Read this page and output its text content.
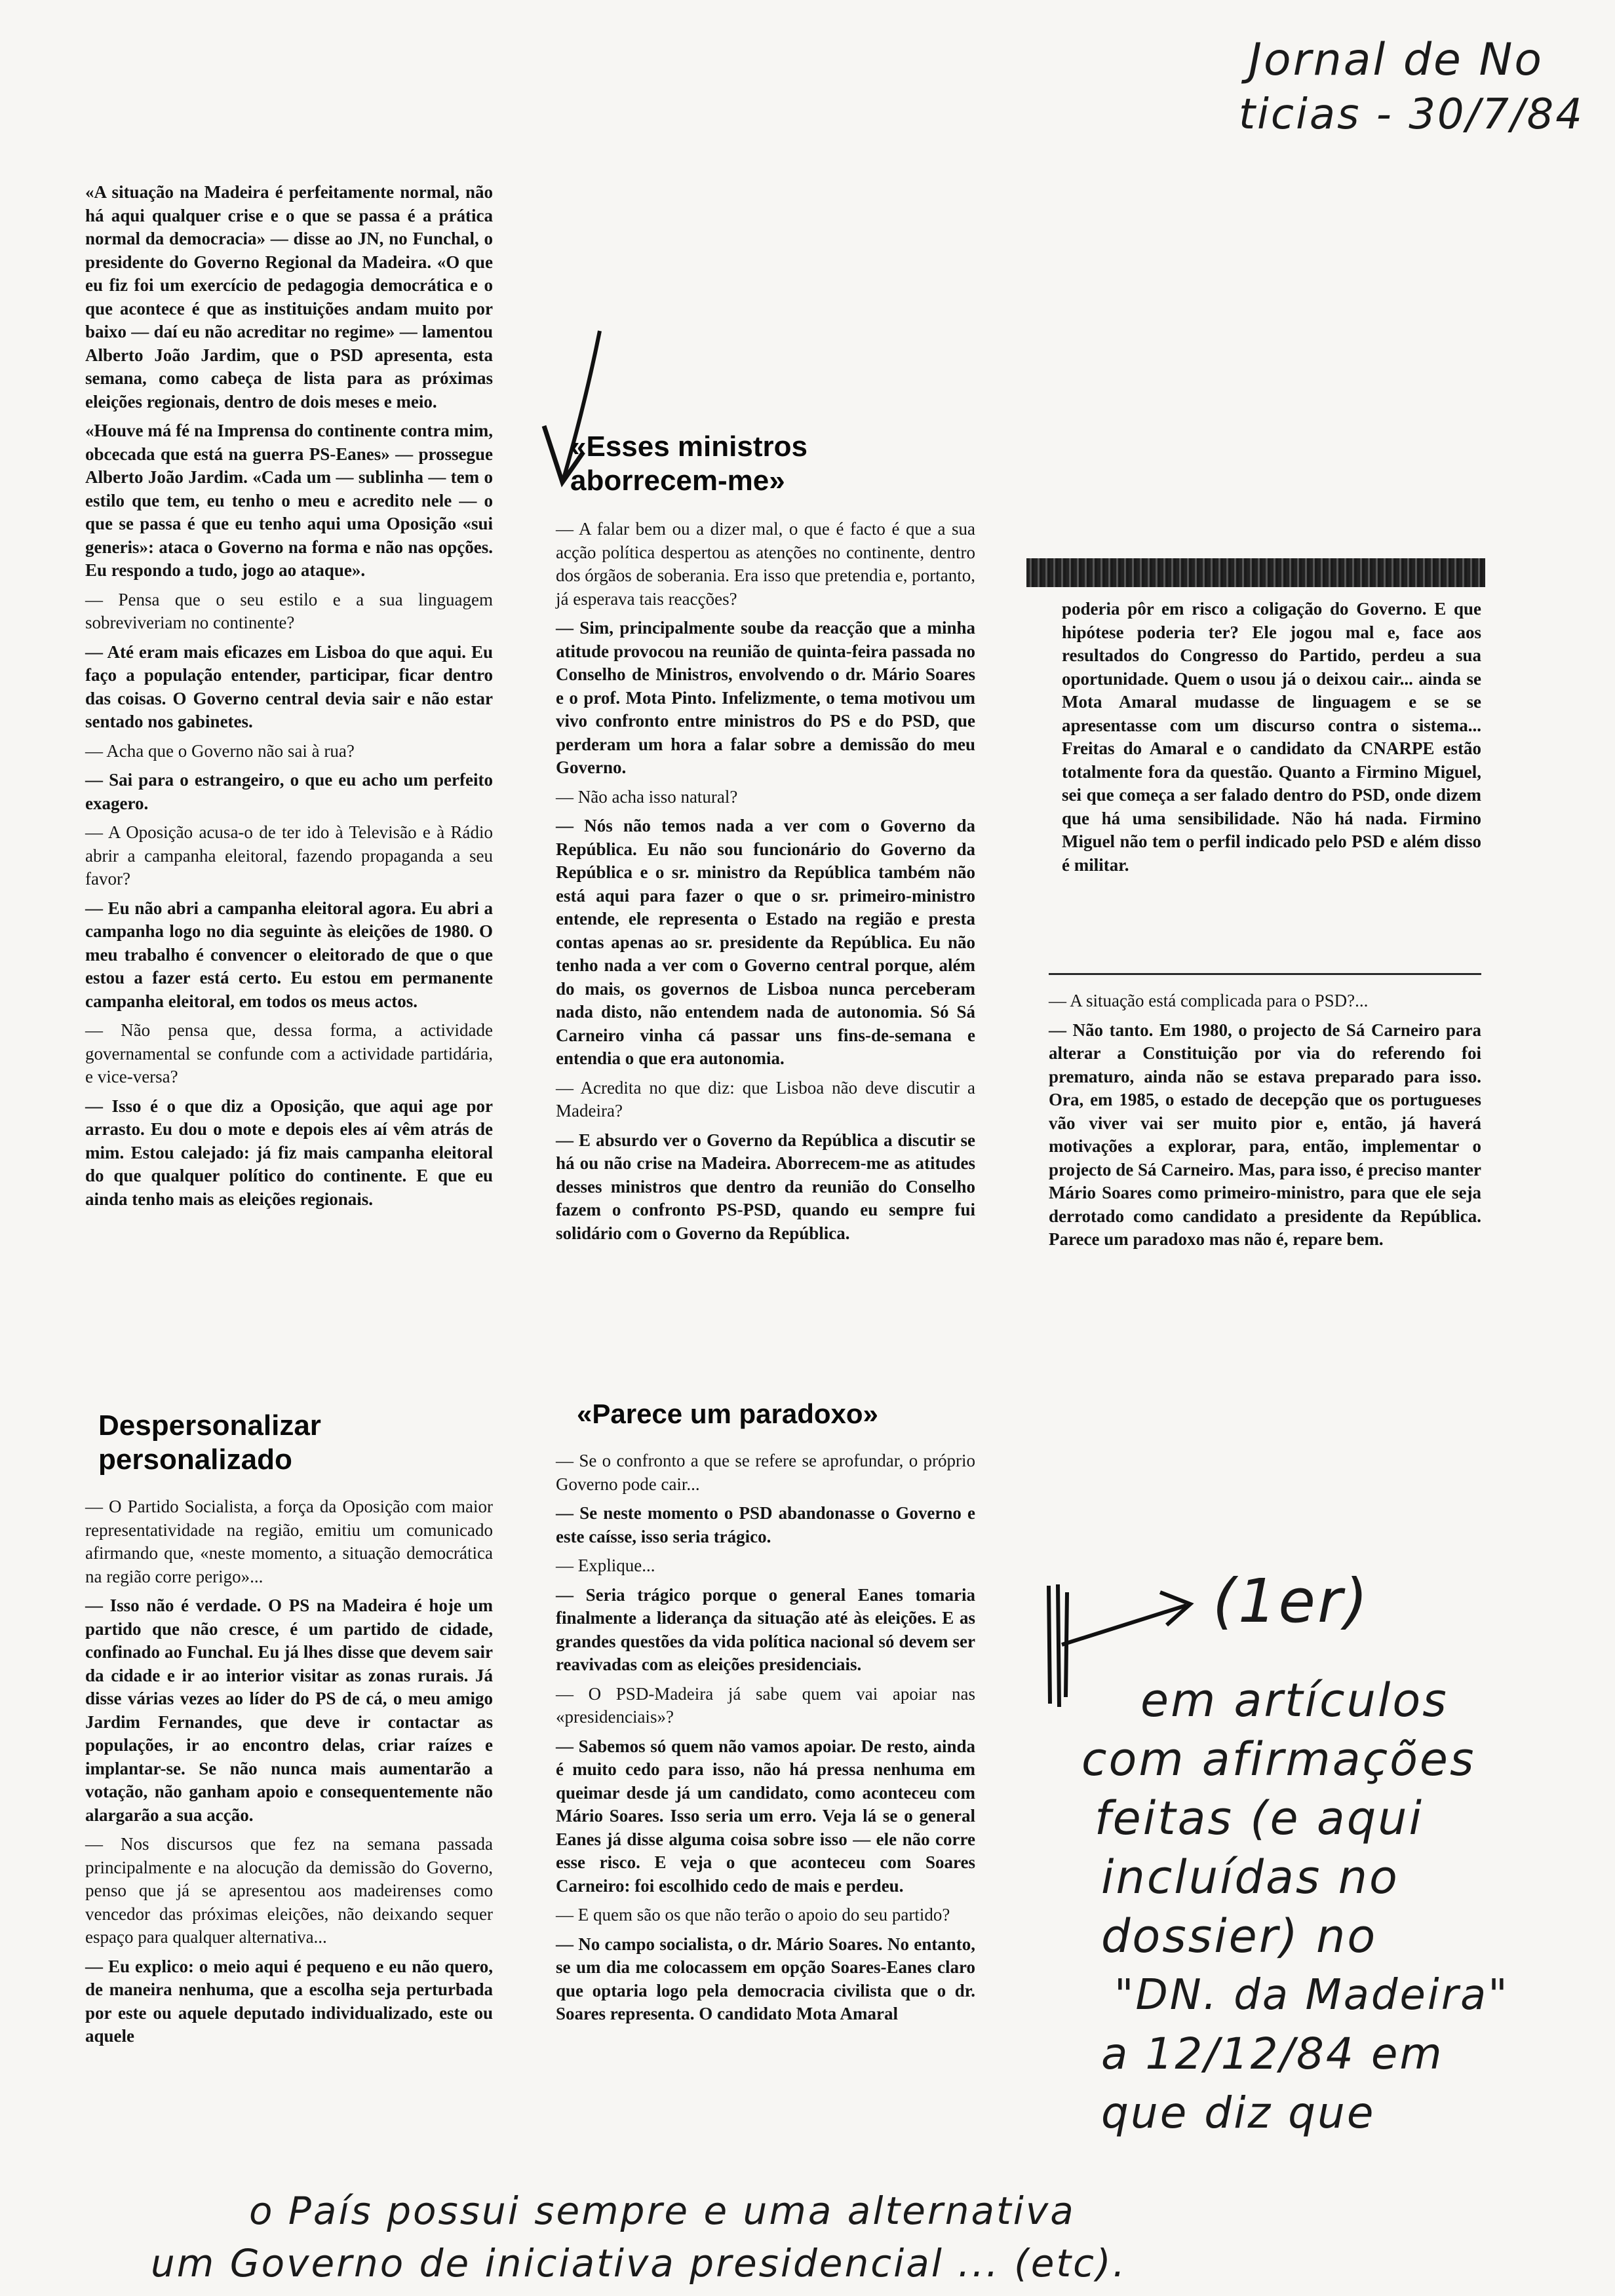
Jornal de No
ticias - 30/7/84

«A situação na Madeira é perfeitamente normal, não há aqui qualquer crise e o que se passa é a prática normal da democracia» — disse ao JN, no Funchal, o presidente do Governo Regional da Madeira. «O que eu fiz foi um exercício de pedagogia democrática e o que acontece é que as instituições andam muito por baixo — daí eu não acreditar no regime» — lamentou Alberto João Jardim, que o PSD apresenta, esta semana, como cabeça de lista para as próximas eleições regionais, dentro de dois meses e meio.

«Houve má fé na Imprensa do continente contra mim, obcecada que está na guerra PS-Eanes» — prossegue Alberto João Jardim. «Cada um — sublinha — tem o estilo que tem, eu tenho o meu e acredito nele — o que se passa é que eu tenho aqui uma Oposição «sui generis»: ataca o Governo na forma e não nas opções. Eu respondo a tudo, jogo ao ataque».

— Pensa que o seu estilo e a sua linguagem sobreviveriam no continente?

— Até eram mais eficazes em Lisboa do que aqui. Eu faço a população entender, participar, ficar dentro das coisas. O Governo central devia sair e não estar sentado nos gabinetes.

— Acha que o Governo não sai à rua?

— Sai para o estrangeiro, o que eu acho um perfeito exagero.

— A Oposição acusa-o de ter ido à Televisão e à Rádio abrir a campanha eleitoral, fazendo propaganda a seu favor?

— Eu não abri a campanha eleitoral agora. Eu abri a campanha logo no dia seguinte às eleições de 1980. O meu trabalho é convencer o eleitorado de que o que estou a fazer está certo. Eu estou em permanente campanha eleitoral, em todos os meus actos.

— Não pensa que, dessa forma, a actividade governamental se confunde com a actividade partidária, e vice-versa?

— Isso é o que diz a Oposição, que aqui age por arrasto. Eu dou o mote e depois eles aí vêm atrás de mim. Estou calejado: já fiz mais campanha eleitoral do que qualquer político do continente. E que eu ainda tenho mais as eleições regionais.

Despersonalizar personalizado

— O Partido Socialista, a força da Oposição com maior representatividade na região, emitiu um comunicado afirmando que, «neste momento, a situação democrática na região corre perigo»...

— Isso não é verdade. O PS na Madeira é hoje um partido que não cresce, é um partido de cidade, confinado ao Funchal. Eu já lhes disse que devem sair da cidade e ir ao interior visitar as zonas rurais. Já disse várias vezes ao líder do PS de cá, o meu amigo Jardim Fernandes, que deve ir contactar as populações, ir ao encontro delas, criar raízes e implantar-se. Se não nunca mais aumentarão a votação, não ganham apoio e consequentemente não alargarão a sua acção.

— Nos discursos que fez na semana passada principalmente e na alocução da demissão do Governo, penso que já se apresentou aos madeirenses como vencedor das próximas eleições, não deixando sequer espaço para qualquer alternativa...

— Eu explico: o meio aqui é pequeno e eu não quero, de maneira nenhuma, que a escolha seja perturbada por este ou aquele deputado individualizado, este ou aquele

«Esses ministros aborrecem-me»

— A falar bem ou a dizer mal, o que é facto é que a sua acção política despertou as atenções no continente, dentro dos órgãos de soberania. Era isso que pretendia e, portanto, já esperava tais reacções?

— Sim, principalmente soube da reacção que a minha atitude provocou na reunião de quinta-feira passada no Conselho de Ministros, envolvendo o dr. Mário Soares e o prof. Mota Pinto. Infelizmente, o tema motivou um vivo confronto entre ministros do PS e do PSD, que perderam um hora a falar sobre a demissão do meu Governo.

— Não acha isso natural?

— Nós não temos nada a ver com o Governo da República. Eu não sou funcionário do Governo da República e o sr. ministro da República também não está aqui para fazer o que o sr. primeiro-ministro entende, ele representa o Estado na região e presta contas apenas ao sr. presidente da República. Eu não tenho nada a ver com o Governo central porque, além do mais, os governos de Lisboa nunca perceberam nada disto, não entendem nada de autonomia. Só Sá Carneiro vinha cá passar uns fins-de-semana e entendia o que era autonomia.

— Acredita no que diz: que Lisboa não deve discutir a Madeira?

— E absurdo ver o Governo da República a discutir se há ou não crise na Madeira. Aborrecem-me as atitudes desses ministros que dentro da reunião do Conselho fazem o confronto PS-PSD, quando eu sempre fui solidário com o Governo da República.

«Parece um paradoxo»

— Se o confronto a que se refere se aprofundar, o próprio Governo pode cair...

— Se neste momento o PSD abandonasse o Governo e este caísse, isso seria trágico.

— Explique...

— Seria trágico porque o general Eanes tomaria finalmente a liderança da situação até às eleições. E as grandes questões da vida política nacional só devem ser reavivadas com as eleições presidenciais.

— O PSD-Madeira já sabe quem vai apoiar nas «presidenciais»?

— Sabemos só quem não vamos apoiar. De resto, ainda é muito cedo para isso, não há pressa nenhuma em queimar desde já um candidato, como aconteceu com Mário Soares. Isso seria um erro. Veja lá se o general Eanes já disse alguma coisa sobre isso — ele não corre esse risco. E veja o que aconteceu com Soares Carneiro: foi escolhido cedo de mais e perdeu.

— E quem são os que não terão o apoio do seu partido?

— No campo socialista, o dr. Mário Soares. No entanto, se um dia me colocassem em opção Soares-Eanes claro que optaria logo pela democracia civilista que o dr. Soares representa. O candidato Mota Amaral

poderia pôr em risco a coligação do Governo. E que hipótese poderia ter? Ele jogou mal e, face aos resultados do Congresso do Partido, perdeu a sua oportunidade. Quem o usou já o deixou cair... ainda se Mota Amaral mudasse de linguagem e se se apresentasse com um discurso contra o sistema... Freitas do Amaral e o candidato da CNARPE estão totalmente fora da questão. Quanto a Firmino Miguel, sei que começa a ser falado dentro do PSD, onde dizem que há uma sensibilidade. Não há nada. Firmino Miguel não tem o perfil indicado pelo PSD e além disso é militar.

— A situação está complicada para o PSD?...

— Não tanto. Em 1980, o projecto de Sá Carneiro para alterar a Constituição por via do referendo foi prematuro, ainda não se estava preparado para isso. Ora, em 1985, o estado de decepção que os portugueses vão viver vai ser muito pior e, então, já haverá motivações a explorar, para, então, implementar o projecto de Sá Carneiro. Mas, para isso, é preciso manter Mário Soares como primeiro-ministro, para que ele seja derrotado como candidato a presidente da República. Parece um paradoxo mas não é, repare bem.

(1er)
em artículos
com afirmações
feitas (e aqui
incluídas no
dossier) no
"DN. da Madeira"
a 12/12/84 em
que diz que
o País possui sempre e uma alternativa
um Governo de iniciativa presidencial ... (etc).
